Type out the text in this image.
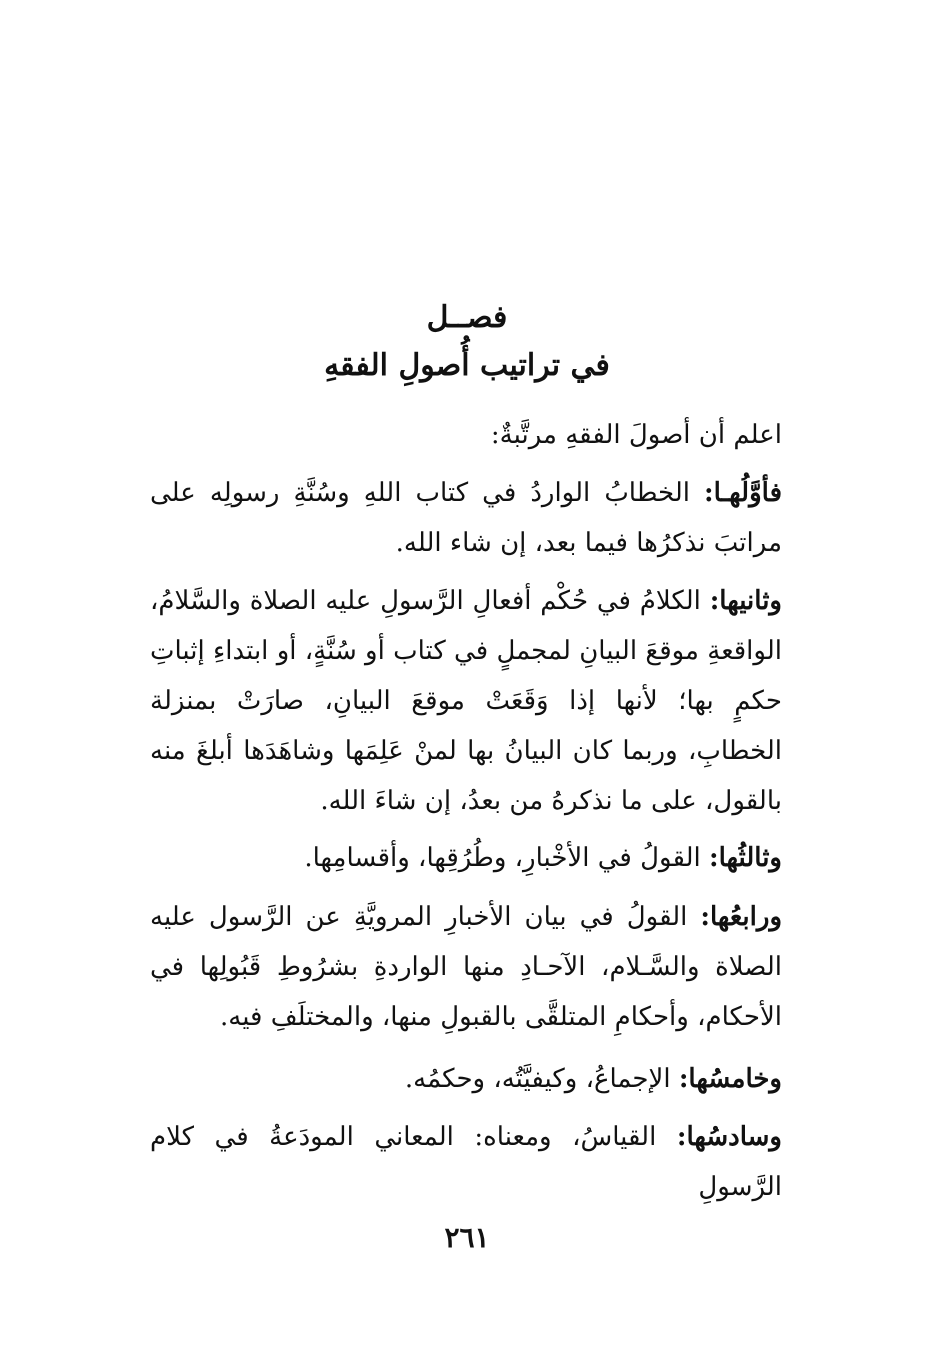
فصــل
في تراتيب أُصولِ الفقهِ

اعلم أن أصولَ الفقهِ مرتَّبةٌ:

فأوَّلُهـا: الخطابُ الواردُ في كتاب اللهِ وسُنَّةِ رسولِه على مراتبَ نذكرُها فيما بعد، إن شاء الله.

وثانيها: الكلامُ في حُكْم أفعالِ الرَّسولِ عليه الصلاة والسَّلامُ، الواقعةِ موقعَ البيانِ لمجملٍ في كتاب أو سُنَّةٍ، أو ابتداءِ إثباتِ حكمٍ بها؛ لأنها إذا وَقَعَتْ موقعَ البيانِ، صارَتْ بمنزلة الخطابِ، وربما كان البيانُ بها لمنْ عَلِمَها وشاهَدَها أبلغَ منه بالقول، على ما نذكرهُ من بعدُ، إن شاءَ الله.

وثالثُها: القولُ في الأخْبارِ، وطُرُقِها، وأقسامِها.

ورابعُها: القولُ في بيان الأخبارِ المرويَّةِ عن الرَّسول عليه الصلاة والسَّـلام، الآحـادِ منها الواردةِ بشرُوطِ قَبُولِها في الأحكام، وأحكامِ المتلقَّى بالقبولِ منها، والمختلَفِ فيه.

وخامسُها: الإجماعُ، وكيفيَّتُه، وحكمُه.

وسادسُها: القياسُ، ومعناه: المعاني المودَعةُ في كلام الرَّسولِ

٢٦١
